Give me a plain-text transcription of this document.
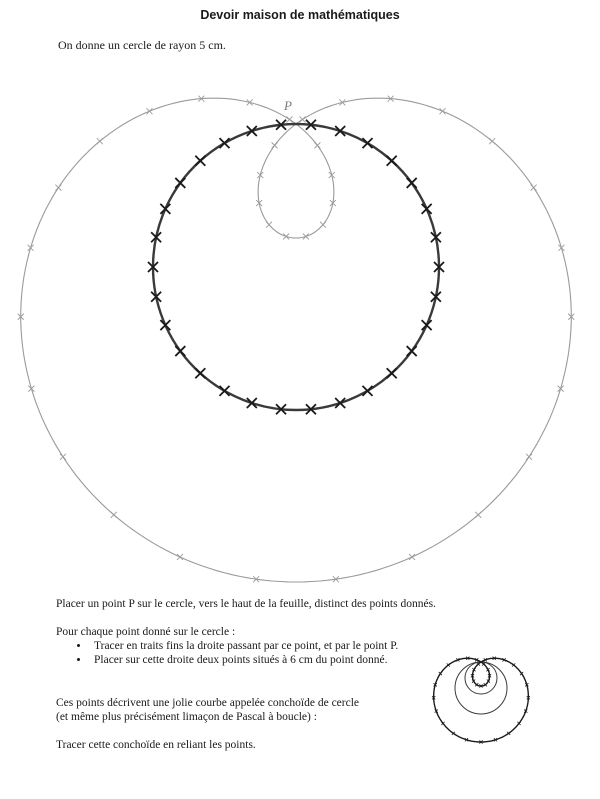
Devoir maison de mathématiques
On donne un cercle de rayon 5 cm.
P
Placer un point P sur le cercle, vers le haut de la feuille, distinct des points donnés.
Pour chaque point donné sur le cercle :
• Tracer en traits fins la droite passant par ce point, et par le point P.
• Placer sur cette droite deux points situés à 6 cm du point donné.
Ces points décrivent une jolie courbe appelée conchoïde de cercle
(et même plus précisément limaçon de Pascal à boucle) :
Tracer cette conchoïde en reliant les points.
